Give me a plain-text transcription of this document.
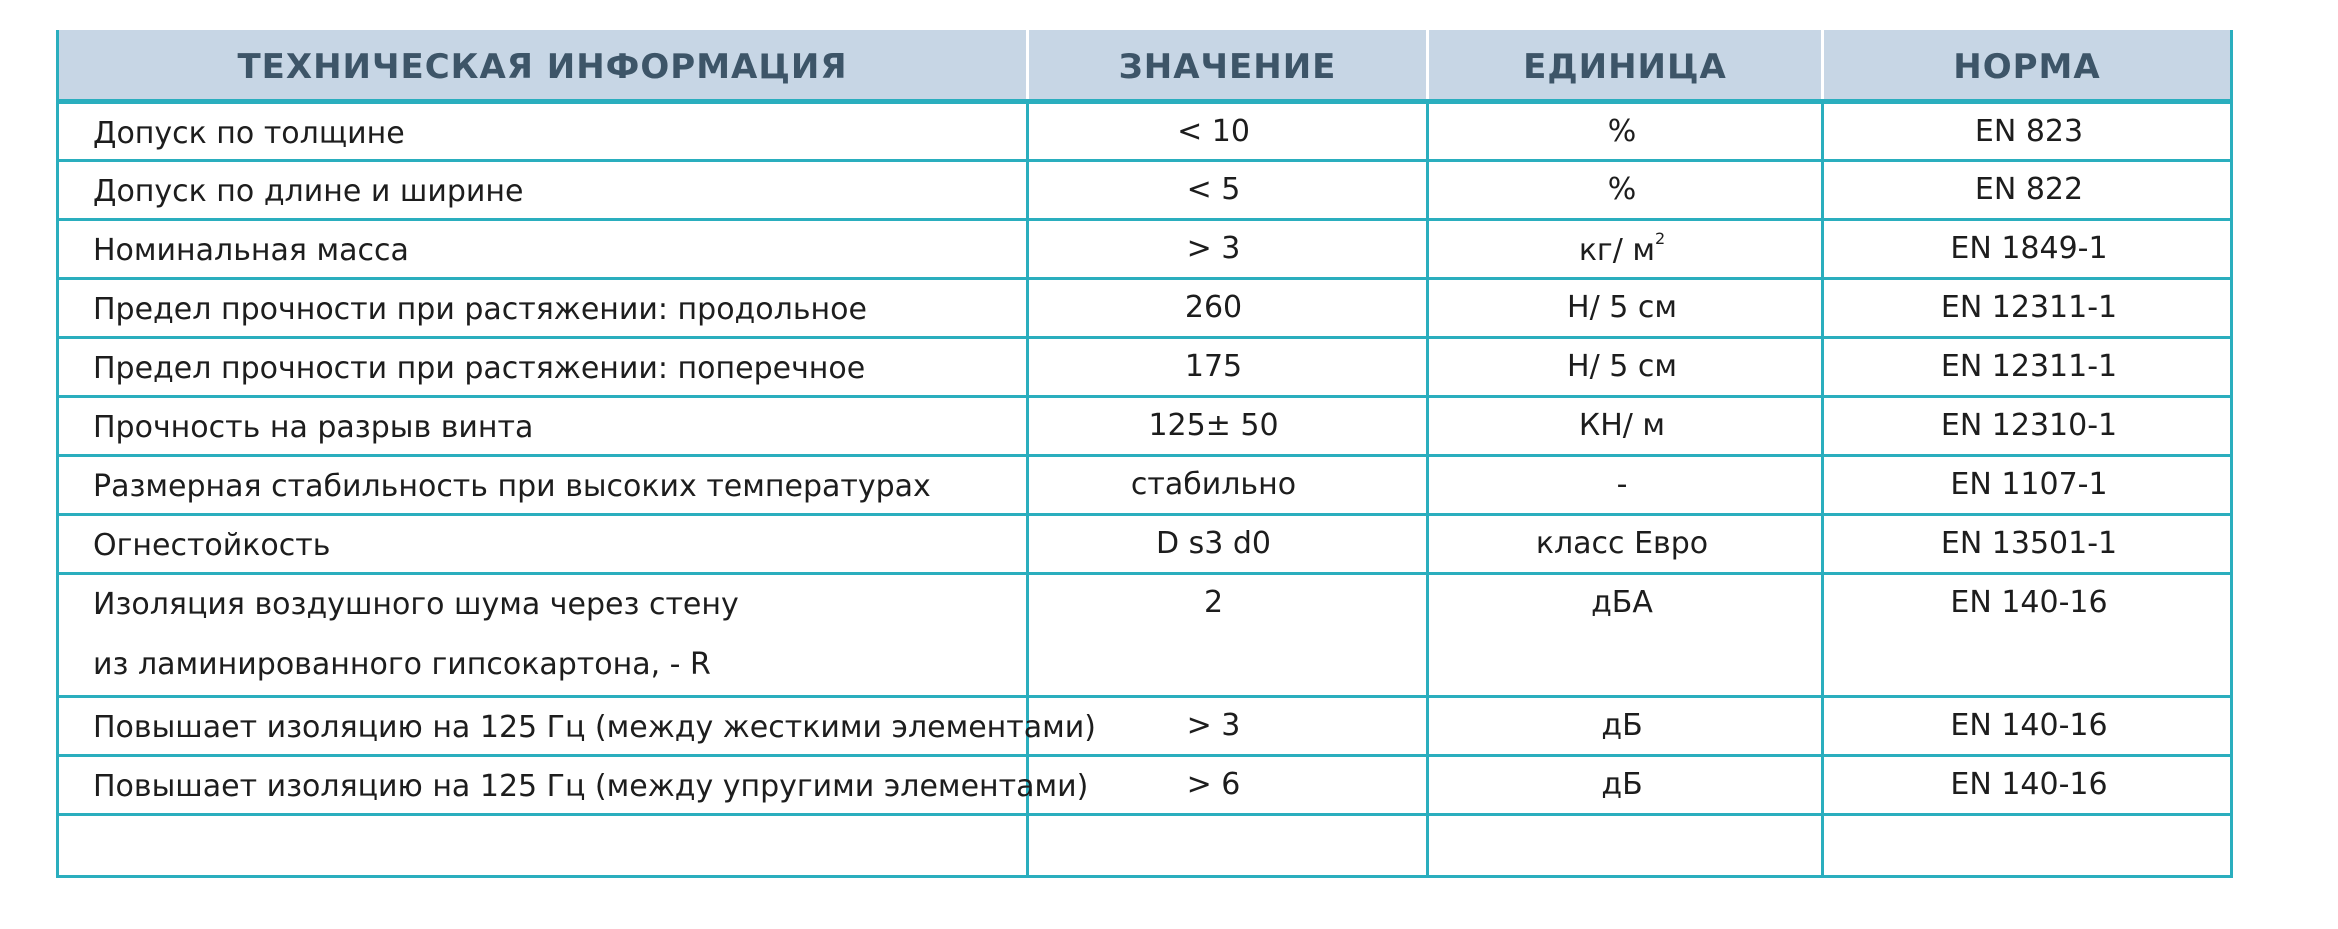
ТЕХНИЧЕСКАЯ ИНФОРМАЦИЯ	ЗНАЧЕНИЕ	ЕДИНИЦА	НОРМА
Допуск по толщине	< 10	%	EN 823
Допуск по длине и ширине	< 5	%	EN 822
Номинальная масса	> 3	кг/ $м^2$	EN 1849-1
Предел прочности при растяжении: продольное	260	Н/ 5 см	EN 12311-1
Предел прочности при растяжении: поперечное	175	Н/ 5 см	EN 12311-1
Прочность на разрыв винта	125± 50	КН/ м	EN 12310-1
Размерная стабильность при высоких температурах	стабильно	-	EN 1107-1
Огнестойкость	D s3 d0	класс Евро	EN 13501-1

Изоляция воздушного шума через стену
из ламинированного гипсокартона, - R	2	дБА	EN 140-16
Повышает изоляцию на 125 Гц (между жесткими элементами)	> 3	дБ	EN 140-16
Повышает изоляцию на 125 Гц (между упругими элементами)	> 6	дБ	EN 140-16
